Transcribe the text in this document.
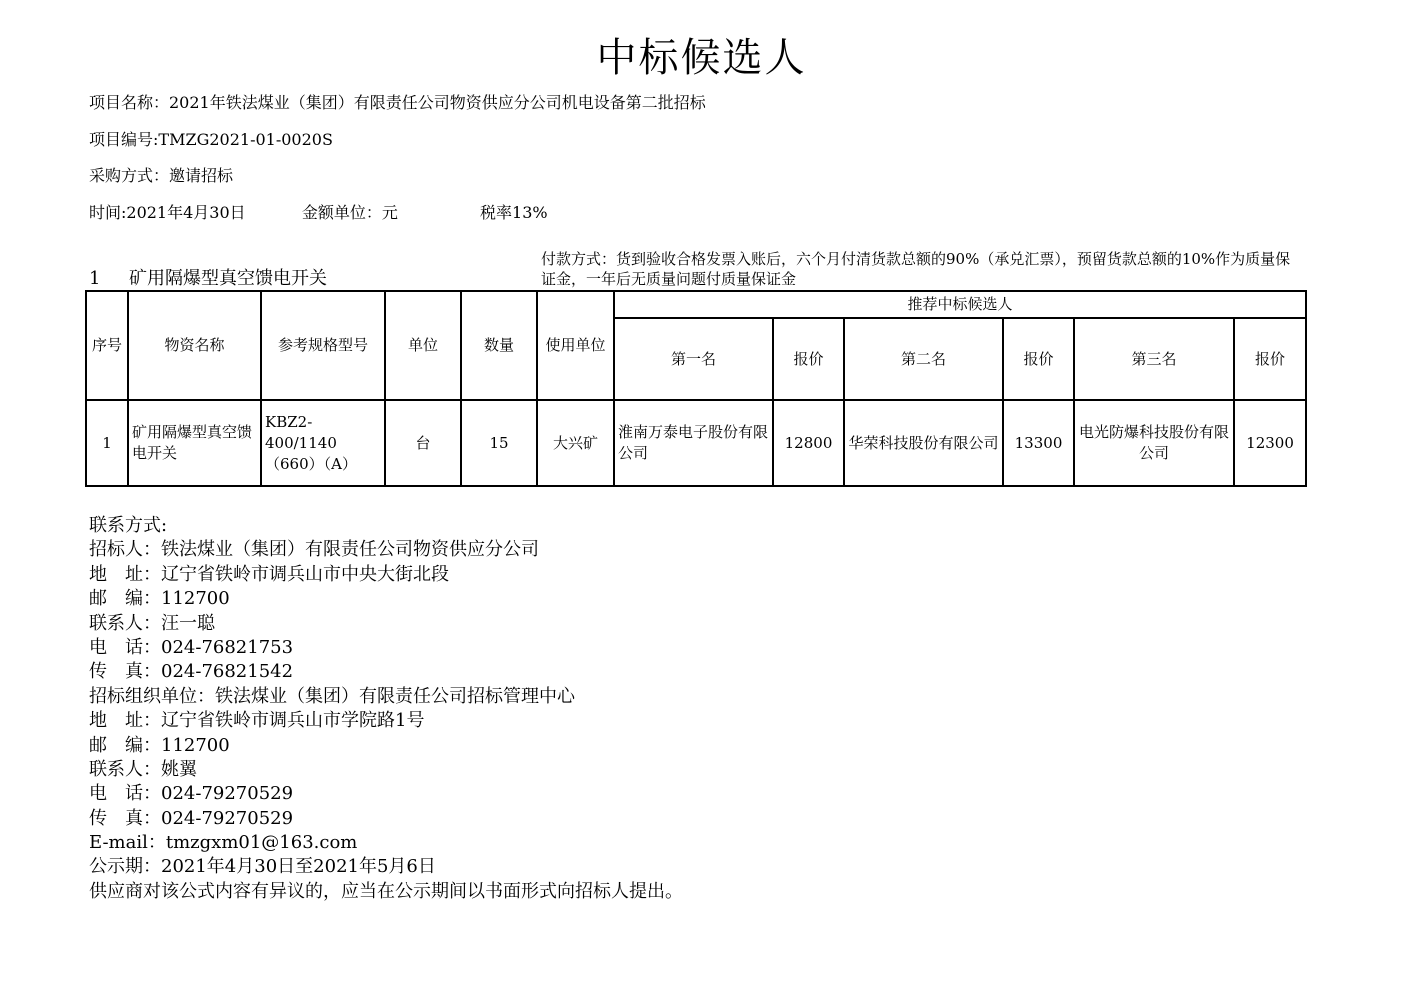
中标候选人
项目名称：2021年铁法煤业（集团）有限责任公司物资供应分公司机电设备第二批招标
项目编号:TMZG2021-01-0020S
采购方式：邀请招标
时间:2021年4月30日	金额单位：元	税率13%
1 矿用隔爆型真空馈电开关
付款方式：货到验收合格发票入账后，六个月付清货款总额的90%（承兑汇票），预留货款总额的10%作为质量保证金，一年后无质量问题付质量保证金
序号	物资名称	参考规格型号	单位	数量	使用单位	推荐中标候选人					
						第一名	报价	第二名	报价	第三名	报价
1	矿用隔爆型真空馈电开关	KBZ2-400/1140（660）（A）	台	15	大兴矿	淮南万泰电子股份有限公司	12800	华荣科技股份有限公司	13300	电光防爆科技股份有限公司	12300
联系方式:
招标人：铁法煤业（集团）有限责任公司物资供应分公司
地　址：辽宁省铁岭市调兵山市中央大街北段
邮　编：112700
联系人：汪一聪
电　话：024-76821753
传　真：024-76821542
招标组织单位：铁法煤业（集团）有限责任公司招标管理中心
地　址：辽宁省铁岭市调兵山市学院路1号
邮　编：112700
联系人：姚翼
电　话：024-79270529
传　真：024-79270529
E-mail：tmzgxm01@163.com
公示期：2021年4月30日至2021年5月6日
供应商对该公式内容有异议的，应当在公示期间以书面形式向招标人提出。
